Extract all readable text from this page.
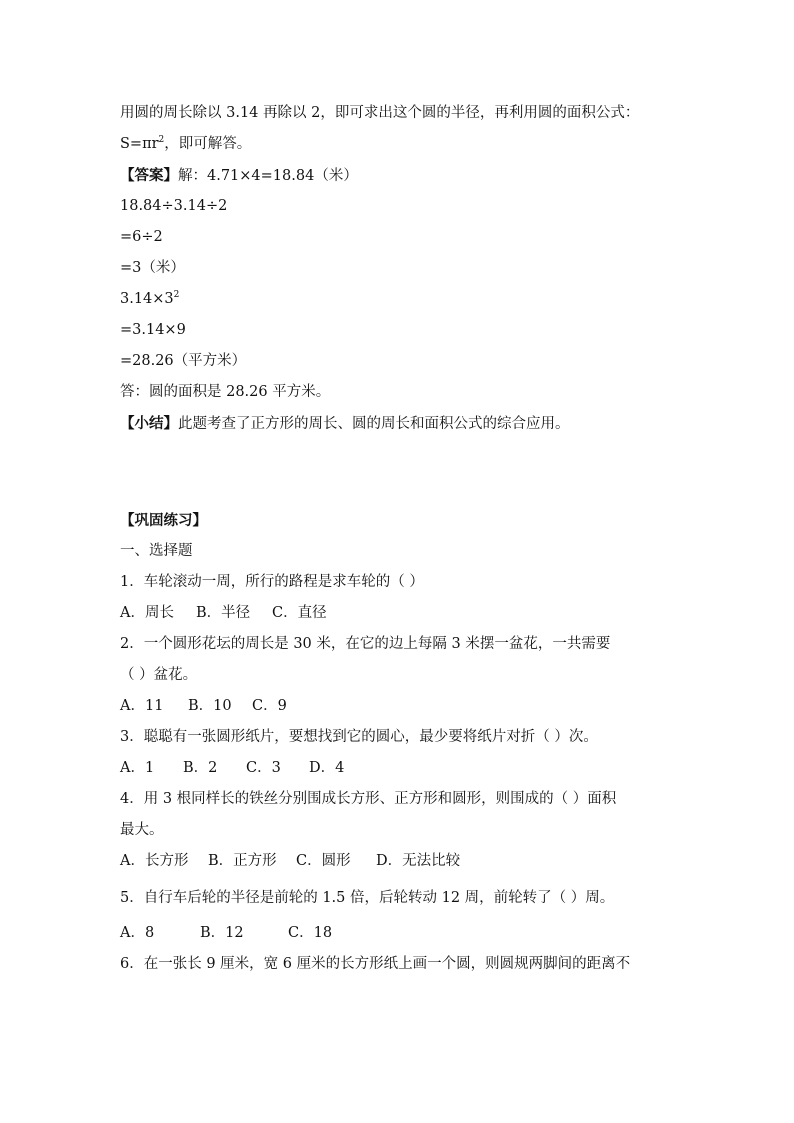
用圆的周长除以 3.14 再除以 2，即可求出这个圆的半径，再利用圆的面积公式：
$S=\pi r^2$，即可解答。
【答案】解：4.71×4=18.84（米）
18.84÷3.14÷2
=6÷2
=3（米）
$3.14\times 3^2$
=3.14×9
=28.26（平方米）
答：圆的面积是 28.26 平方米。
【小结】此题考查了正方形的周长、圆的周长和面积公式的综合应用。
【巩固练习】
一、选择题
1．车轮滚动一周，所行的路程是求车轮的（ ）
A．周长 B．半径 C．直径
2．一个圆形花坛的周长是 30 米，在它的边上每隔 3 米摆一盆花，一共需要
（ ）盆花。
A．11 B．10 C．9
3．聪聪有一张圆形纸片，要想找到它的圆心，最少要将纸片对折（ ）次。
A．1 B．2 C．3 D．4
4．用 3 根同样长的铁丝分别围成长方形、正方形和圆形，则围成的（ ）面积
最大。
A．长方形 B．正方形 C．圆形 D．无法比较
5．自行车后轮的半径是前轮的 1.5 倍，后轮转动 12 周，前轮转了（ ）周。
A．8	B．12	C．18
6．在一张长 9 厘米，宽 6 厘米的长方形纸上画一个圆，则圆规两脚间的距离不
